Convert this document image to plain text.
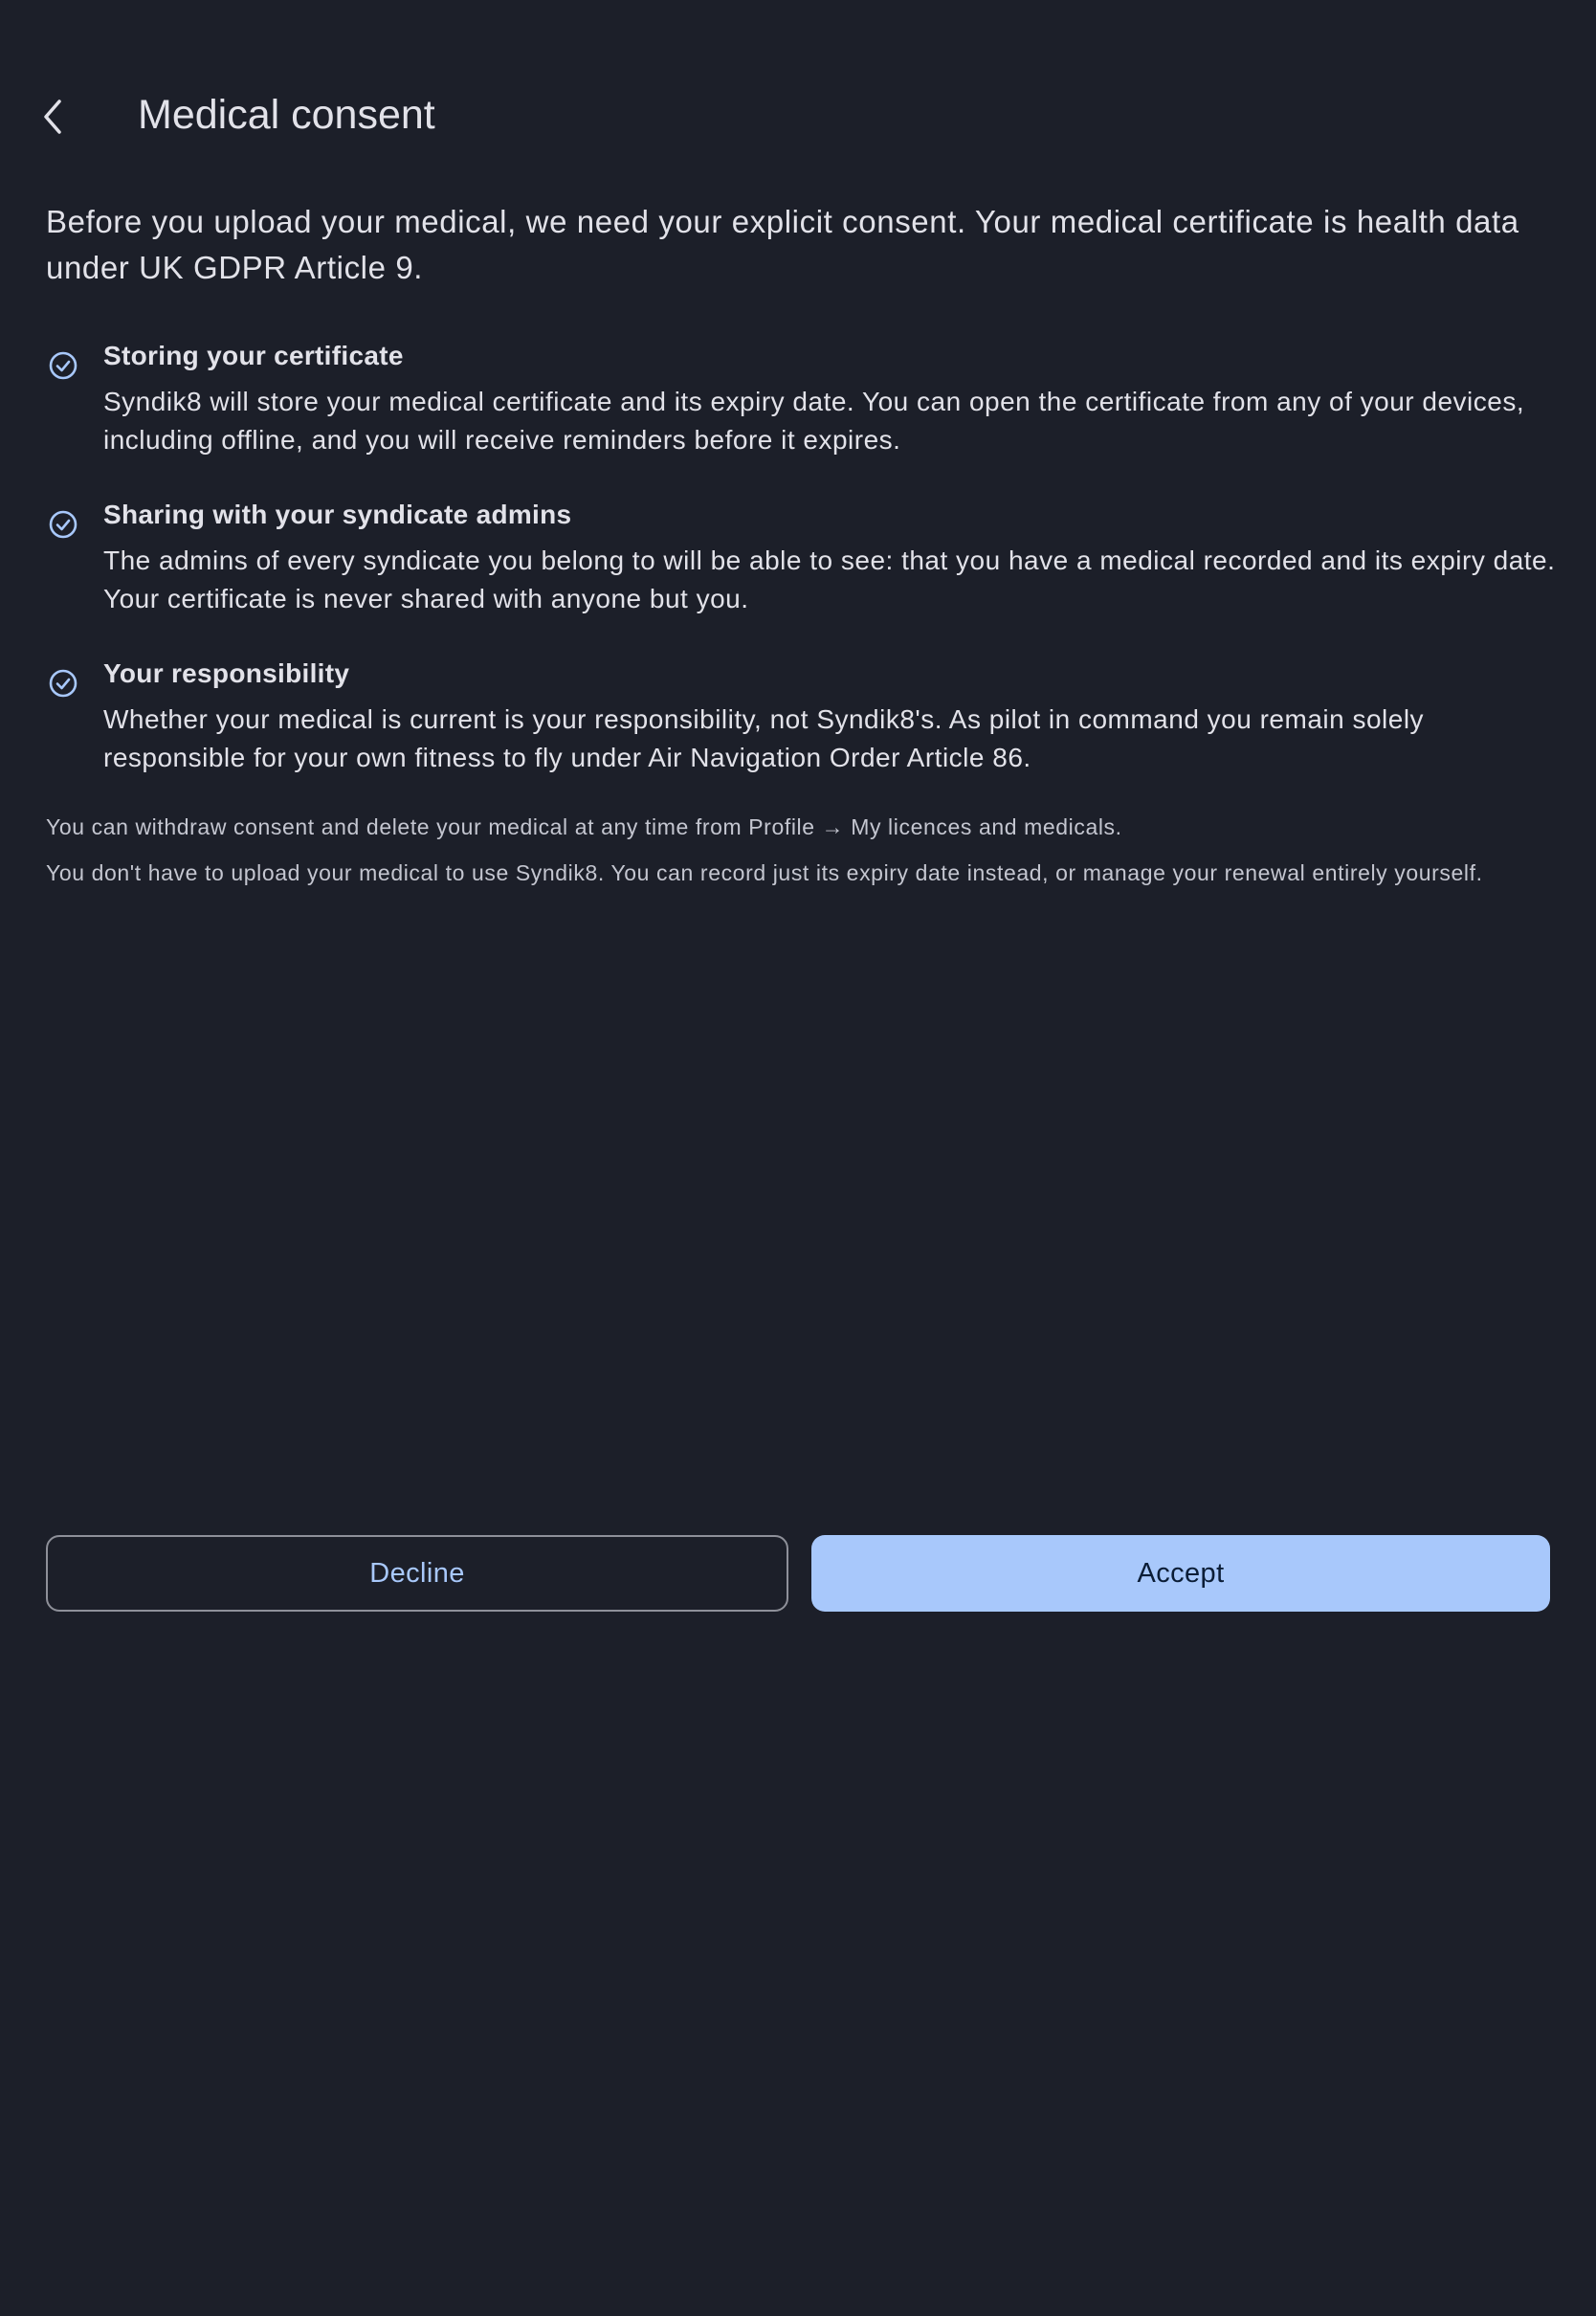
Medical consent

Before you upload your medical, we need your explicit consent. Your medical certificate is health data under UK GDPR Article 9.

Storing your certificate
Syndik8 will store your medical certificate and its expiry date. You can open the certificate from any of your devices, including offline, and you will receive reminders before it expires.
Sharing with your syndicate admins
The admins of every syndicate you belong to will be able to see: that you have a medical recorded and its expiry date. Your certificate is never shared with anyone but you.
Your responsibility
Whether your medical is current is your responsibility, not Syndik8's. As pilot in command you remain solely responsible for your own fitness to fly under Air Navigation Order Article 86.

You can withdraw consent and delete your medical at any time from Profile → My licences and medicals.

You don't have to upload your medical to use Syndik8. You can record just its expiry date instead, or manage your renewal entirely yourself.

Decline	Accept
